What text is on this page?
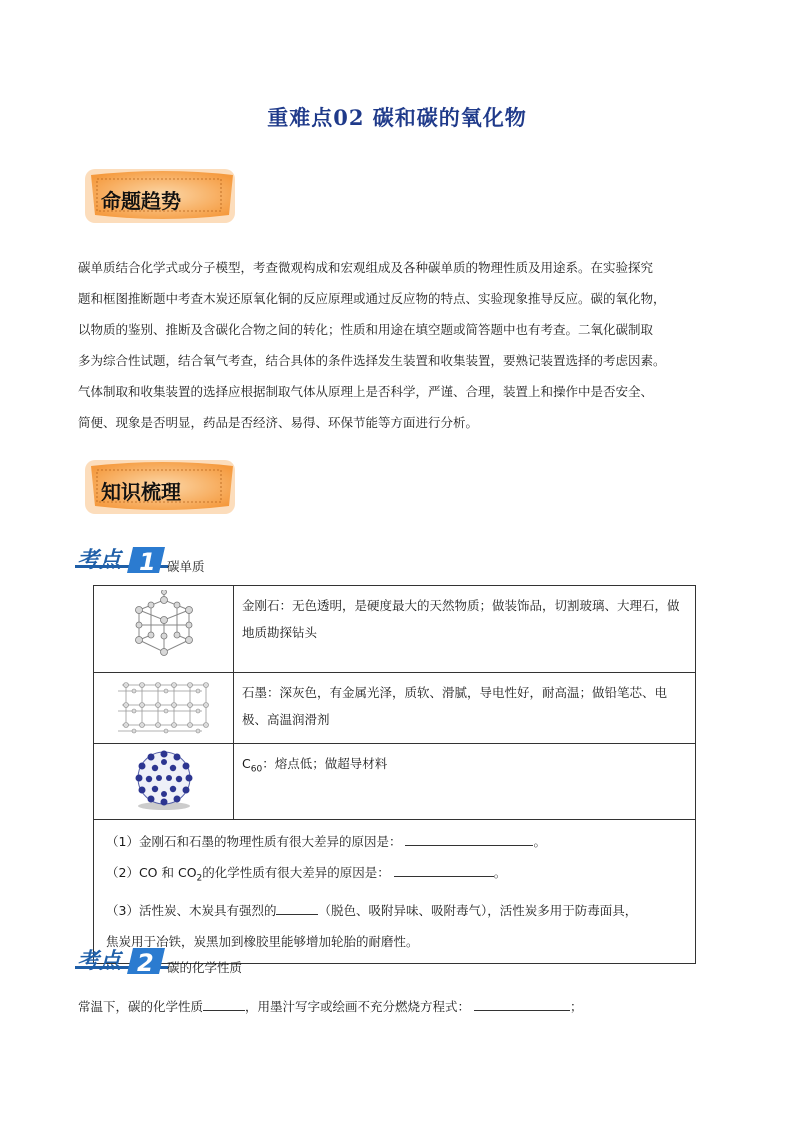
重难点02 碳和碳的氧化物
命题趋势

碳单质结合化学式或分子模型，考查微观构成和宏观组成及各种碳单质的物理性质及用途系。在实验探究

题和框图推断题中考查木炭还原氧化铜的反应原理或通过反应物的特点、实验现象推导反应。碳的氧化物，

以物质的鉴别、推断及含碳化合物之间的转化；性质和用途在填空题或简答题中也有考查。二氧化碳制取

多为综合性试题，结合氧气考查，结合具体的条件选择发生装置和收集装置，要熟记装置选择的考虑因素。

气体制取和收集装置的选择应根据制取气体从原理上是否科学，严谨、合理，装置上和操作中是否安全、

简便、现象是否明显，药品是否经济、易得、环保节能等方面进行分析。

知识梳理
考点 1 碳单质
	金刚石：无色透明，是硬度最大的天然物质；做装饰品，切割玻璃、大理石，做地质勘探钻头
	石墨：深灰色，有金属光泽，质软、滑腻，导电性好，耐高温；做铅笔芯、电极、高温润滑剂
	$C_{60}$：熔点低；做超导材料

（1）金刚石和石墨的物理性质有很大差异的原因是： 。

（2）CO 和 $CO_2$的化学性质有很大差异的原因是： 。

（3）活性炭、木炭具有强烈的 （脱色、吸附异味、吸附毒气），活性炭多用于防毒面具，

焦炭用于冶铁，炭黑加到橡胶里能够增加轮胎的耐磨性。	

考点 2 碳的化学性质
常温下，碳的化学性质	，用墨汁写字或绘画不充分燃烧方程式：	；
